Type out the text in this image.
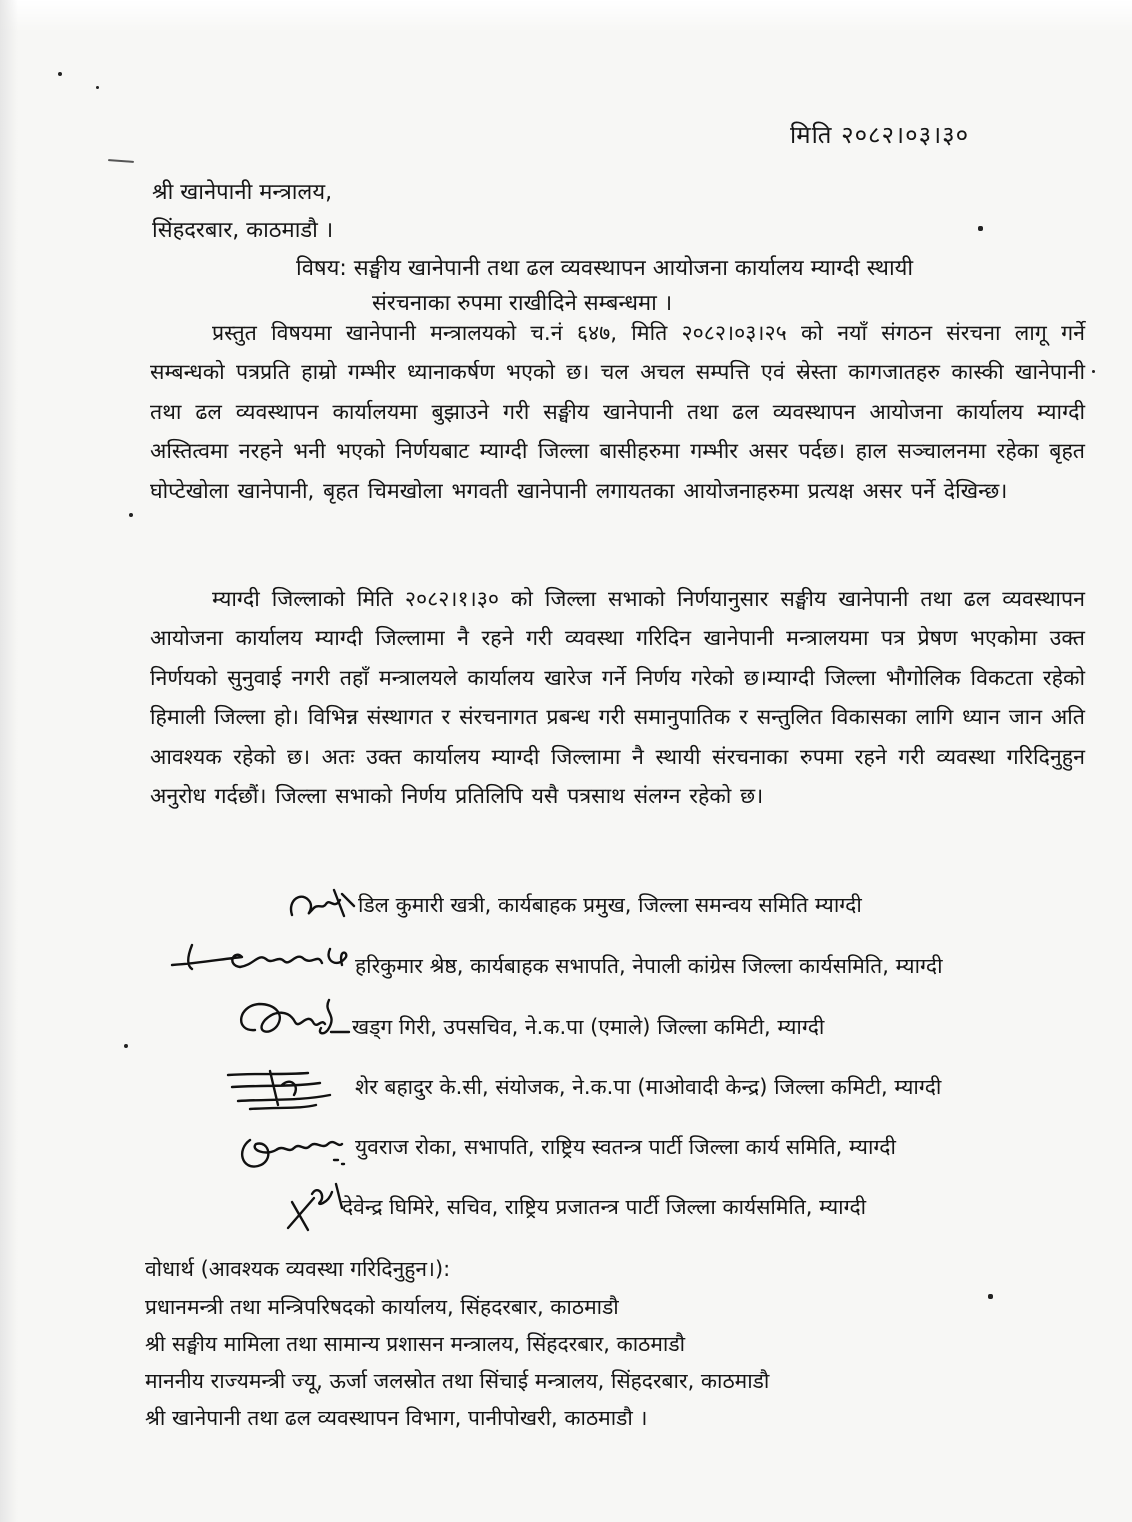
मिति २०८२।०३।३०
श्री खानेपानी मन्त्रालय,
सिंहदरबार, काठमाडौ ।
विषय: सङ्घीय खानेपानी तथा ढल व्यवस्थापन आयोजना कार्यालय म्याग्दी स्थायी
संरचनाका रुपमा राखीदिने सम्बन्धमा ।
प्रस्तुत विषयमा खानेपानी मन्त्रालयको च.नं ६४७, मिति २०८२।०३।२५ को नयाँ संगठन संरचना लागू गर्ने सम्बन्धको पत्रप्रति हाम्रो गम्भीर ध्यानाकर्षण भएको छ। चल अचल सम्पत्ति एवं स्रेस्ता कागजातहरु कास्की खानेपानी तथा ढल व्यवस्थापन कार्यालयमा बुझाउने गरी सङ्घीय खानेपानी तथा ढल व्यवस्थापन आयोजना कार्यालय म्याग्दी अस्तित्वमा नरहने भनी भएको निर्णयबाट म्याग्दी जिल्ला बासीहरुमा गम्भीर असर पर्दछ। हाल सञ्चालनमा रहेका बृहत घोप्टेखोला खानेपानी, बृहत चिमखोला भगवती खानेपानी लगायतका आयोजनाहरुमा प्रत्यक्ष असर पर्ने देखिन्छ।
म्याग्दी जिल्लाको मिति २०८२।१।३० को जिल्ला सभाको निर्णयानुसार सङ्घीय खानेपानी तथा ढल व्यवस्थापन आयोजना कार्यालय म्याग्दी जिल्लामा नै रहने गरी व्यवस्था गरिदिन खानेपानी मन्त्रालयमा पत्र प्रेषण भएकोमा उक्त निर्णयको सुनुवाई नगरी तहाँ मन्त्रालयले कार्यालय खारेज गर्ने निर्णय गरेको छ।म्याग्दी जिल्ला भौगोलिक विकटता रहेको हिमाली जिल्ला हो। विभिन्न संस्थागत र संरचनागत प्रबन्ध गरी समानुपातिक र सन्तुलित विकासका लागि ध्यान जान अति आवश्यक रहेको छ। अतः उक्त कार्यालय म्याग्दी जिल्लामा नै स्थायी संरचनाका रुपमा रहने गरी व्यवस्था गरिदिनुहुन अनुरोध गर्दछौं। जिल्ला सभाको निर्णय प्रतिलिपि यसै पत्रसाथ संलग्न रहेको छ।
डिल कुमारी खत्री, कार्यबाहक प्रमुख, जिल्ला समन्वय समिति म्याग्दी
हरिकुमार श्रेष्ठ, कार्यबाहक सभापति, नेपाली कांग्रेस जिल्ला कार्यसमिति, म्याग्दी
खड्ग गिरी, उपसचिव, ने.क.पा (एमाले) जिल्ला कमिटी, म्याग्दी
शेर बहादुर के.सी, संयोजक, ने.क.पा (माओवादी केन्द्र) जिल्ला कमिटी, म्याग्दी
युवराज रोका, सभापति, राष्ट्रिय स्वतन्त्र पार्टी जिल्ला कार्य समिति, म्याग्दी
देवेन्द्र घिमिरे, सचिव, राष्ट्रिय प्रजातन्त्र पार्टी जिल्ला कार्यसमिति, म्याग्दी
वोधार्थ (आवश्यक व्यवस्था गरिदिनुहुन।):
प्रधानमन्त्री तथा मन्त्रिपरिषदको कार्यालय, सिंहदरबार, काठमाडौ
श्री सङ्घीय मामिला तथा सामान्य प्रशासन मन्त्रालय, सिंहदरबार, काठमाडौ
माननीय राज्यमन्त्री ज्यू, ऊर्जा जलस्रोत तथा सिंचाई मन्त्रालय, सिंहदरबार, काठमाडौ
श्री खानेपानी तथा ढल व्यवस्थापन विभाग, पानीपोखरी, काठमाडौ ।
